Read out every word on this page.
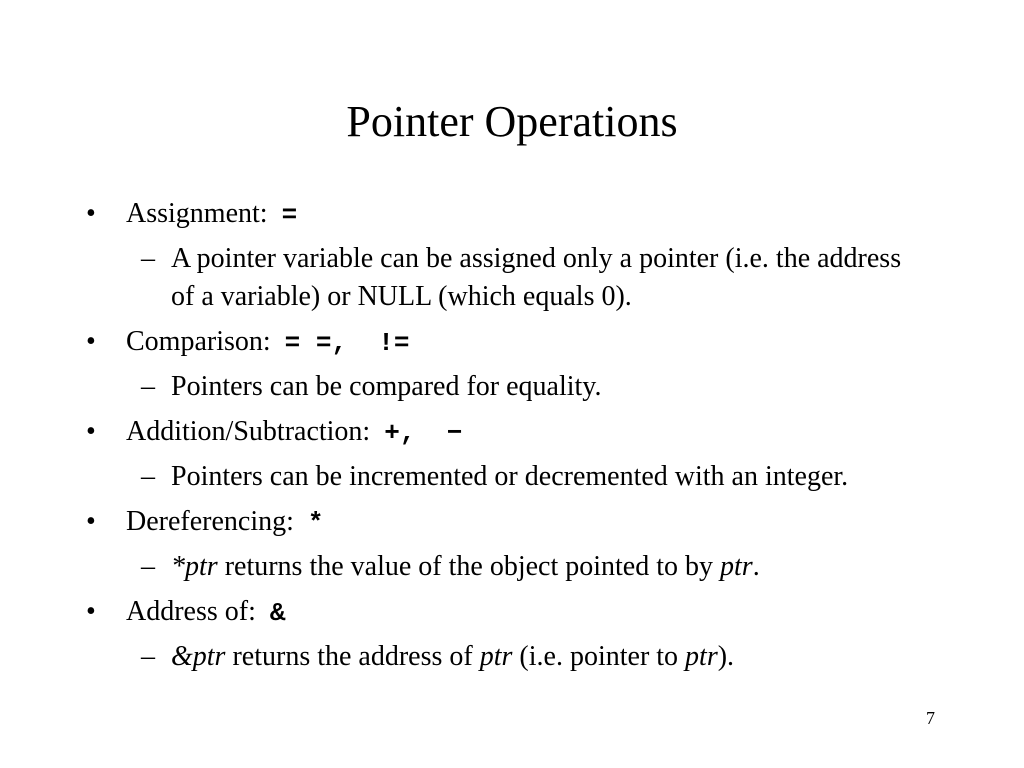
Pointer Operations
• Assignment: =
– A pointer variable can be assigned only a pointer (i.e. the address of a variable) or NULL (which equals 0).
• Comparison: = =,  !=
– Pointers can be compared for equality.
• Addition/Subtraction: +,  −
– Pointers can be incremented or decremented with an integer.
• Dereferencing: *
– *ptr returns the value of the object pointed to by ptr.
• Address of: &
– &ptr returns the address of ptr (i.e. pointer to ptr).
7
